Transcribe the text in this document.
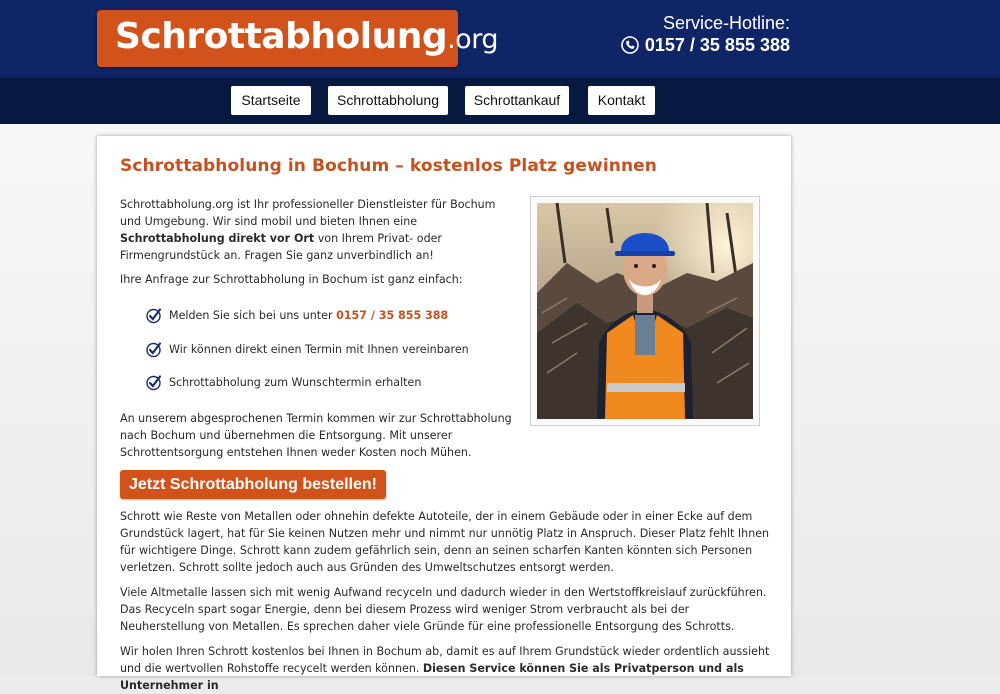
Schrottabholung.org
Service-Hotline:
0157 / 35 855 388
Startseite	Schrottabholung	Schrottankauf	Kontakt
Schrottabholung in Bochum – kostenlos Platz gewinnen

Schrottabholung.org ist Ihr professioneller Dienstleister für Bochum und Umgebung. Wir sind mobil und bieten Ihnen eine Schrottabholung direkt vor Ort von Ihrem Privat- oder Firmengrundstück an. Fragen Sie ganz unverbindlich an!

Ihre Anfrage zur Schrottabholung in Bochum ist ganz einfach:

Melden Sie sich bei uns unter 0157 / 35 855 388
Wir können direkt einen Termin mit Ihnen vereinbaren
Schrottabholung zum Wunschtermin erhalten

An unserem abgesprochenen Termin kommen wir zur Schrottabholung nach Bochum und übernehmen die Entsorgung. Mit unserer Schrottentsorgung entstehen Ihnen weder Kosten noch Mühen.

Jetzt Schrottabholung bestellen!

Schrott wie Reste von Metallen oder ohnehin defekte Autoteile, der in einem Gebäude oder in einer Ecke auf dem Grundstück lagert, hat für Sie keinen Nutzen mehr und nimmt nur unnötig Platz in Anspruch. Dieser Platz fehlt Ihnen für wichtigere Dinge. Schrott kann zudem gefährlich sein, denn an seinen scharfen Kanten könnten sich Personen verletzen. Schrott sollte jedoch auch aus Gründen des Umweltschutzes entsorgt werden.

Viele Altmetalle lassen sich mit wenig Aufwand recyceln und dadurch wieder in den Wertstoffkreislauf zurückführen. Das Recyceln spart sogar Energie, denn bei diesem Prozess wird weniger Strom verbraucht als bei der Neuherstellung von Metallen. Es sprechen daher viele Gründe für eine professionelle Entsorgung des Schrotts.

Wir holen Ihren Schrott kostenlos bei Ihnen in Bochum ab, damit es auf Ihrem Grundstück wieder ordentlich aussieht und die wertvollen Rohstoffe recycelt werden können. Diesen Service können Sie als Privatperson und als Unternehmer in
